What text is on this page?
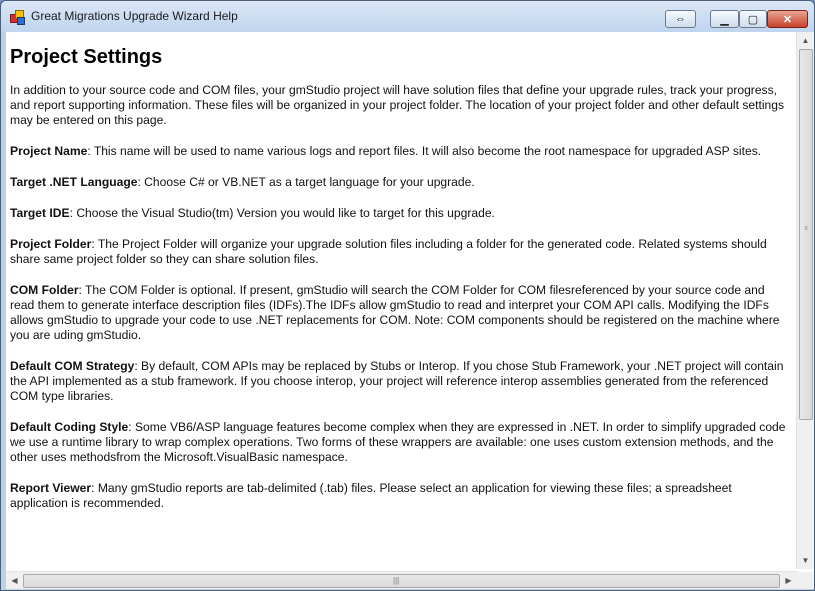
Great Migrations Upgrade Wizard Help	⇔	▁ ▢ ✕
Project Settings

In addition to your source code and COM files, your gmStudio project will have solution files that define your upgrade rules, track your progress, and report supporting information. These files will be organized in your project folder. The location of your project folder and other default settings may be entered on this page.

Project Name: This name will be used to name various logs and report files. It will also become the root namespace for upgraded ASP sites.

Target .NET Language: Choose C# or VB.NET as a target language for your upgrade.

Target IDE: Choose the Visual Studio(tm) Version you would like to target for this upgrade.

Project Folder: The Project Folder will organize your upgrade solution files including a folder for the generated code. Related systems should share same project folder so they can share solution files.

COM Folder: The COM Folder is optional. If present, gmStudio will search the COM Folder for COM filesreferenced by your source code and read them to generate interface description files (IDFs).The IDFs allow gmStudio to read and interpret your COM API calls. Modifying the IDFs allows gmStudio to upgrade your code to use .NET replacements for COM. Note: COM components should be registered on the machine where you are uding gmStudio.

Default COM Strategy: By default, COM APIs may be replaced by Stubs or Interop. If you chose Stub Framework, your .NET project will contain the API implemented as a stub framework. If you choose interop, your project will reference interop assemblies generated from the referenced COM type libraries.

Default Coding Style: Some VB6/ASP language features become complex when they are expressed in .NET. In order to simplify upgraded code we use a runtime library to wrap complex operations. Two forms of these wrappers are available: one uses custom extension methods, and the other uses methodsfrom the Microsoft.VisualBasic namespace.

Report Viewer: Many gmStudio reports are tab-delimited (.tab) files. Please select an application for viewing these files; a spreadsheet application is recommended.

▲
≡
▼
◀	|||	▶
